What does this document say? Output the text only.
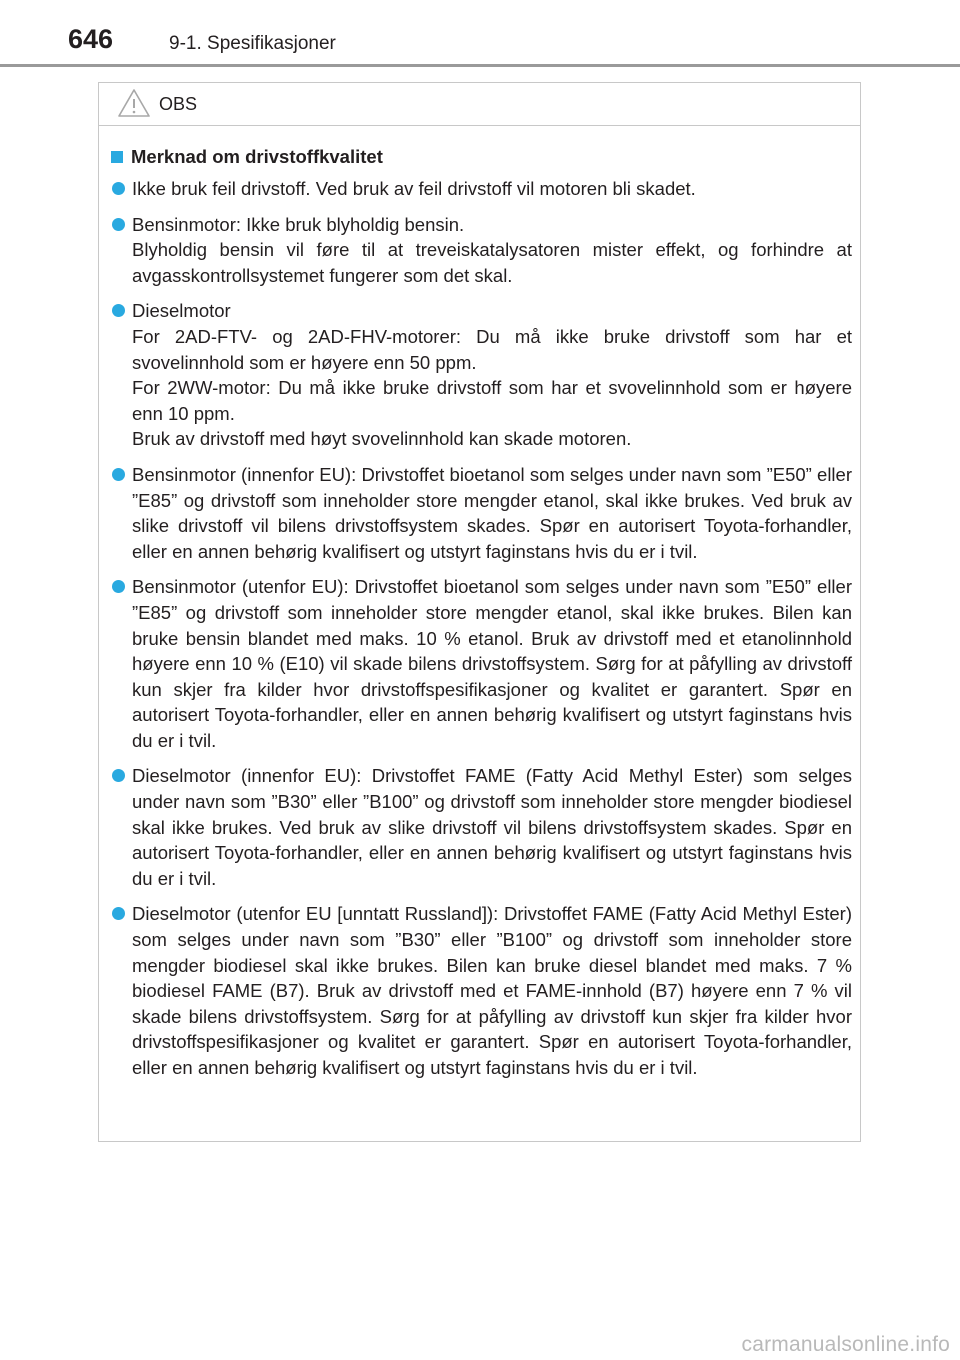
646	9-1. Spesifikasjoner
OBS
Merknad om drivstoffkvalitet
Ikke bruk feil drivstoff. Ved bruk av feil drivstoff vil motoren bli skadet.
Bensinmotor: Ikke bruk blyholdig bensin.
Blyholdig bensin vil føre til at treveiskatalysatoren mister effekt, og forhindre at avgasskontrollsystemet fungerer som det skal.
Dieselmotor
For 2AD-FTV- og 2AD-FHV-motorer: Du må ikke bruke drivstoff som har et svovelinnhold som er høyere enn 50 ppm.
For 2WW-motor: Du må ikke bruke drivstoff som har et svovelinnhold som er høyere enn 10 ppm.
Bruk av drivstoff med høyt svovelinnhold kan skade motoren.
Bensinmotor (innenfor EU): Drivstoffet bioetanol som selges under navn som ”E50” eller ”E85” og drivstoff som inneholder store mengder etanol, skal ikke brukes. Ved bruk av slike drivstoff vil bilens drivstoffsystem skades. Spør en autorisert Toyota-forhandler, eller en annen behørig kvalifisert og utstyrt faginstans hvis du er i tvil.
Bensinmotor (utenfor EU): Drivstoffet bioetanol som selges under navn som ”E50” eller ”E85” og drivstoff som inneholder store mengder etanol, skal ikke brukes. Bilen kan bruke bensin blandet med maks. 10 % etanol. Bruk av drivstoff med et etanolinnhold høyere enn 10 % (E10) vil skade bilens drivstoffsystem. Sørg for at påfylling av drivstoff kun skjer fra kilder hvor drivstoffspesifikasjoner og kvalitet er garantert. Spør en autorisert Toyota-forhandler, eller en annen behørig kvalifisert og utstyrt faginstans hvis du er i tvil.
Dieselmotor (innenfor EU): Drivstoffet FAME (Fatty Acid Methyl Ester) som selges under navn som ”B30” eller ”B100” og drivstoff som inneholder store mengder biodiesel skal ikke brukes. Ved bruk av slike drivstoff vil bilens drivstoffsystem skades. Spør en autorisert Toyota-forhandler, eller en annen behørig kvalifisert og utstyrt faginstans hvis du er i tvil.
Dieselmotor (utenfor EU [unntatt Russland]): Drivstoffet FAME (Fatty Acid Methyl Ester) som selges under navn som ”B30” eller ”B100” og drivstoff som inneholder store mengder biodiesel skal ikke brukes. Bilen kan bruke diesel blandet med maks. 7 % biodiesel FAME (B7). Bruk av drivstoff med et FAME-innhold (B7) høyere enn 7 % vil skade bilens drivstoffsystem. Sørg for at påfylling av drivstoff kun skjer fra kilder hvor drivstoffspesifikasjoner og kvalitet er garantert. Spør en autorisert Toyota-forhandler, eller en annen behørig kvalifisert og utstyrt faginstans hvis du er i tvil.
carmanualsonline.info
